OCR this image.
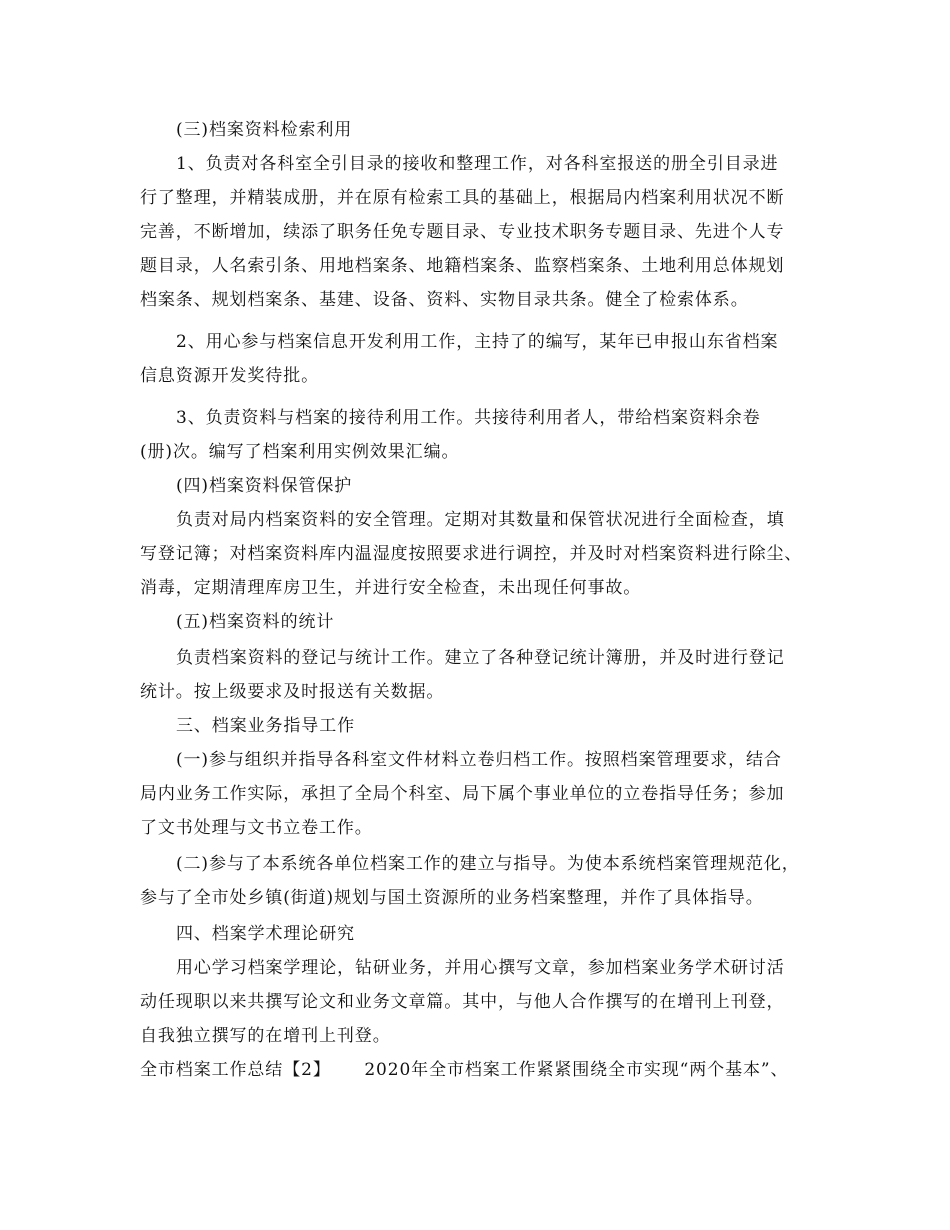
(三)档案资料检索利用
1、负责对各科室全引目录的接收和整理工作，对各科室报送的册全引目录进
行了整理，并精装成册，并在原有检索工具的基础上，根据局内档案利用状况不断
完善，不断增加，续添了职务任免专题目录、专业技术职务专题目录、先进个人专
题目录，人名索引条、用地档案条、地籍档案条、监察档案条、土地利用总体规划
档案条、规划档案条、基建、设备、资料、实物目录共条。健全了检索体系。
2、用心参与档案信息开发利用工作，主持了的编写，某年已申报山东省档案
信息资源开发奖待批。
3、负责资料与档案的接待利用工作。共接待利用者人，带给档案资料余卷
(册)次。编写了档案利用实例效果汇编。
(四)档案资料保管保护
负责对局内档案资料的安全管理。定期对其数量和保管状况进行全面检查，填
写登记簿；对档案资料库内温湿度按照要求进行调控，并及时对档案资料进行除尘、
消毒，定期清理库房卫生，并进行安全检查，未出现任何事故。
(五)档案资料的统计
负责档案资料的登记与统计工作。建立了各种登记统计簿册，并及时进行登记
统计。按上级要求及时报送有关数据。
三、档案业务指导工作
(一)参与组织并指导各科室文件材料立卷归档工作。按照档案管理要求，结合
局内业务工作实际，承担了全局个科室、局下属个事业单位的立卷指导任务；参加
了文书处理与文书立卷工作。
(二)参与了本系统各单位档案工作的建立与指导。为使本系统档案管理规范化，
参与了全市处乡镇(街道)规划与国土资源所的业务档案整理，并作了具体指导。
四、档案学术理论研究
用心学习档案学理论，钻研业务，并用心撰写文章，参加档案业务学术研讨活
动任现职以来共撰写论文和业务文章篇。其中，与他人合作撰写的在增刊上刊登，
自我独立撰写的在增刊上刊登。
全市档案工作总结【2】　　 2020年全市档案工作紧紧围绕全市实现“两个基本”、
